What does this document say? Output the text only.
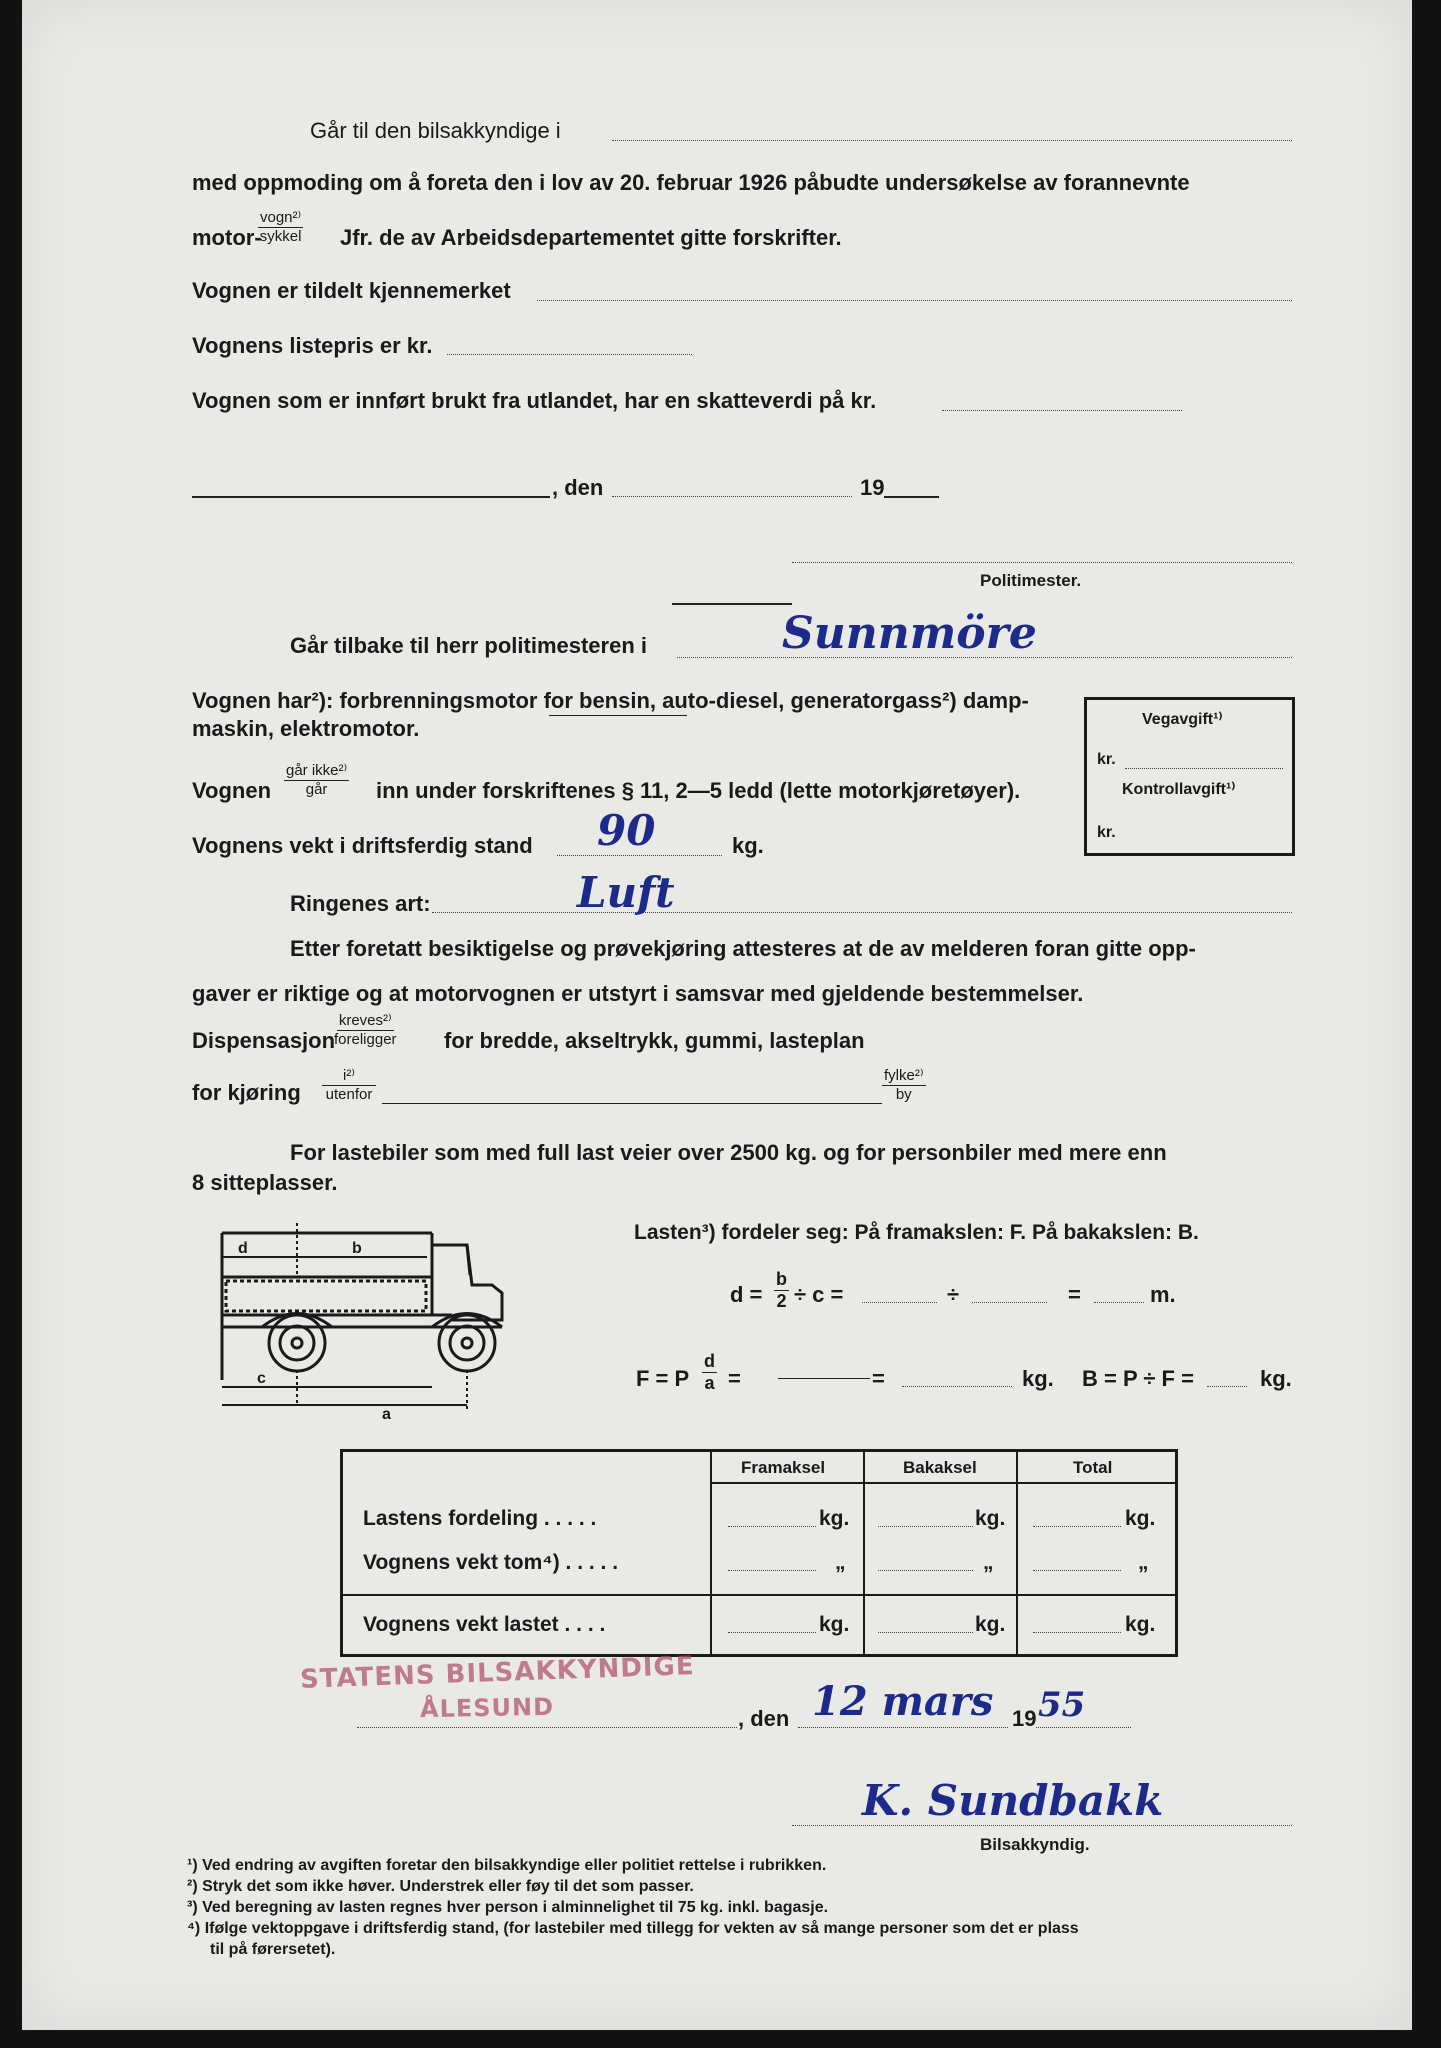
Går til den bilsakkyndige i
med oppmoding om å foreta den i lov av 20. februar 1926 påbudte undersøkelse av forannevnte
motor-
vogn²⁾
sykkel Jfr. de av Arbeidsdepartementet gitte forskrifter.
Vognen er tildelt kjennemerket
Vognens listepris er kr.
Vognen som er innført brukt fra utlandet, har en skatteverdi på kr.
, den	19
Politimester.
Går tilbake til herr politimesteren i	Sunnmöre
Vognen har²): forbrenningsmotor for bensin, auto-diesel, generatorgass²) damp-
maskin, elektromotor.	Vegavgift¹⁾
kr.
Kontrollavgift¹⁾
kr.
Vognen
går ikke²⁾
går inn under forskriftenes § 11, 2—5 ledd (lette motorkjøretøyer).
Vognens vekt i driftsferdig stand 90	kg.
Ringenes art:	Luft
Etter foretatt besiktigelse og prøvekjøring attesteres at de av melderen foran gitte opp-
gaver er riktige og at motorvognen er utstyrt i samsvar med gjeldende bestemmelser.
Dispensasjon
kreves²⁾
foreligger for bredde, akseltrykk, gummi, lasteplan
for kjøring
i²⁾
utenfor
fylke²⁾
by
For lastebiler som med full last veier over 2500 kg. og for personbiler med mere enn
8 sitteplasser.
d	b
c
a
Lasten³) fordeler seg: På framakslen: F. På bakakslen: B.
$d = \frac{b}{2} \div c$ =	÷	=	m.
F = P $\frac{d}{a}$ =	=	kg. B = P ÷ F =	kg.
Framaksel	Bakaksel	Total
Lastens fordeling . . . . .	kg.	kg.	kg.
Vognens vekt tom⁴) . . . . .	„	„	„
Vognens vekt lastet . . . .	kg.	kg.	kg.
STATENS BILSAKKYNDIGE
ÅLESUND	, den 12 mars 19 55
K. Sundbakk
Bilsakkyndig.
¹) Ved endring av avgiften foretar den bilsakkyndige eller politiet rettelse i rubrikken.
²) Stryk det som ikke høver. Understrek eller føy til det som passer.
³) Ved beregning av lasten regnes hver person i alminnelighet til 75 kg. inkl. bagasje.
⁴) Ifølge vektoppgave i driftsferdig stand, (for lastebiler med tillegg for vekten av så mange personer som det er plass
til på førersetet).
